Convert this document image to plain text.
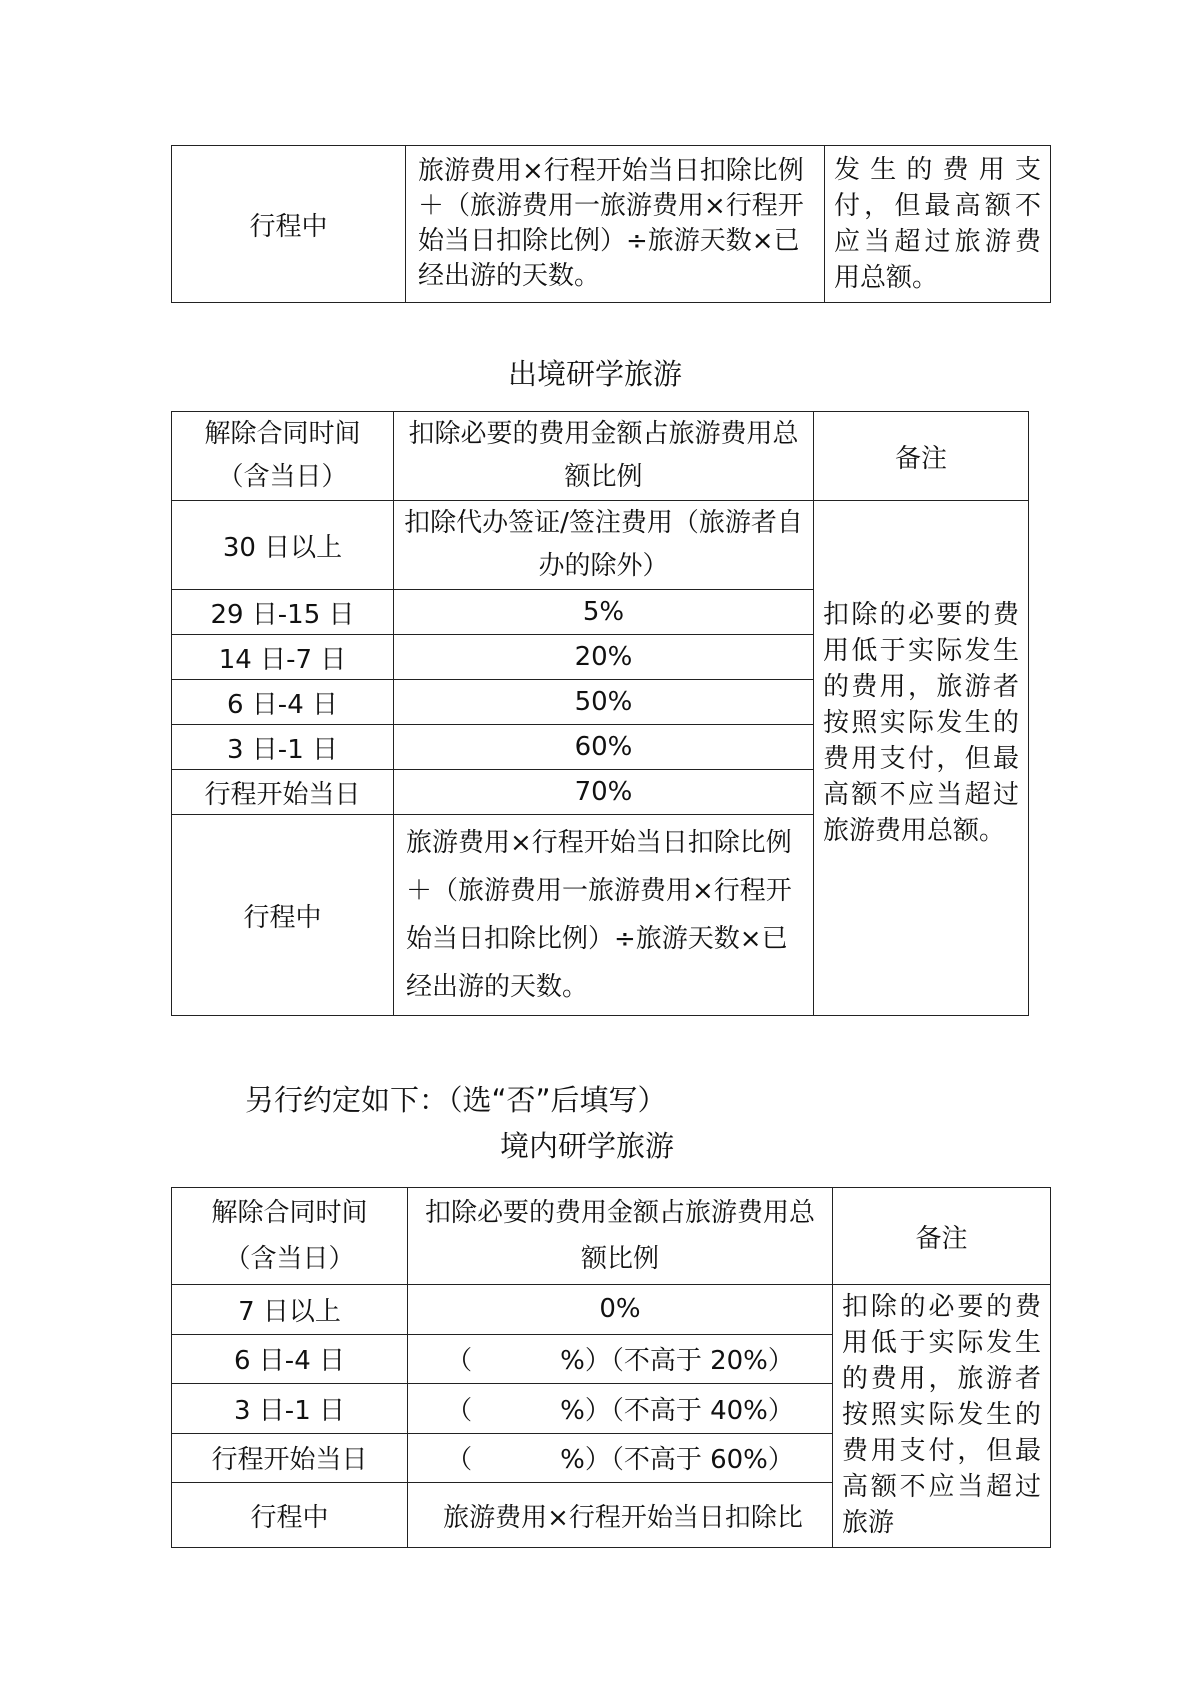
行程中	旅游费用×行程开始当日扣除比例＋（旅游费用一旅游费用×行程开始当日扣除比例）÷旅游天数×已经出游的天数。	发生的费用支付，但最高额不应当超过旅游费用总额。
出境研学旅游
解除合同时间（含当日）	扣除必要的费用金额占旅游费用总额比例	备注
30 日以上	扣除代办签证/签注费用（旅游者自办的除外）	扣除的必要的费用低于实际发生的费用，旅游者按照实际发生的费用支付，但最高额不应当超过旅游费用总额。
29 日-15 日	5%	
14 日-7 日	20%	
6 日-4 日	50%	
3 日-1 日	60%	
行程开始当日	70%	
行程中	旅游费用×行程开始当日扣除比例＋（旅游费用一旅游费用×行程开始当日扣除比例）÷旅游天数×已经出游的天数。	

另行约定如下：（选“否”后填写）

境内研学旅游
解除合同时间（含当日）	扣除必要的费用金额占旅游费用总额比例	备注
7 日以上	0%	扣除的必要的费用低于实际发生的费用，旅游者按照实际发生的费用支付，但最高额不应当超过旅游
6 日-4 日	（ %）（不高于 20%）	
3 日-1 日	（ %）（不高于 40%）	
行程开始当日	（ %）（不高于 60%）	
行程中	旅游费用×行程开始当日扣除比	
